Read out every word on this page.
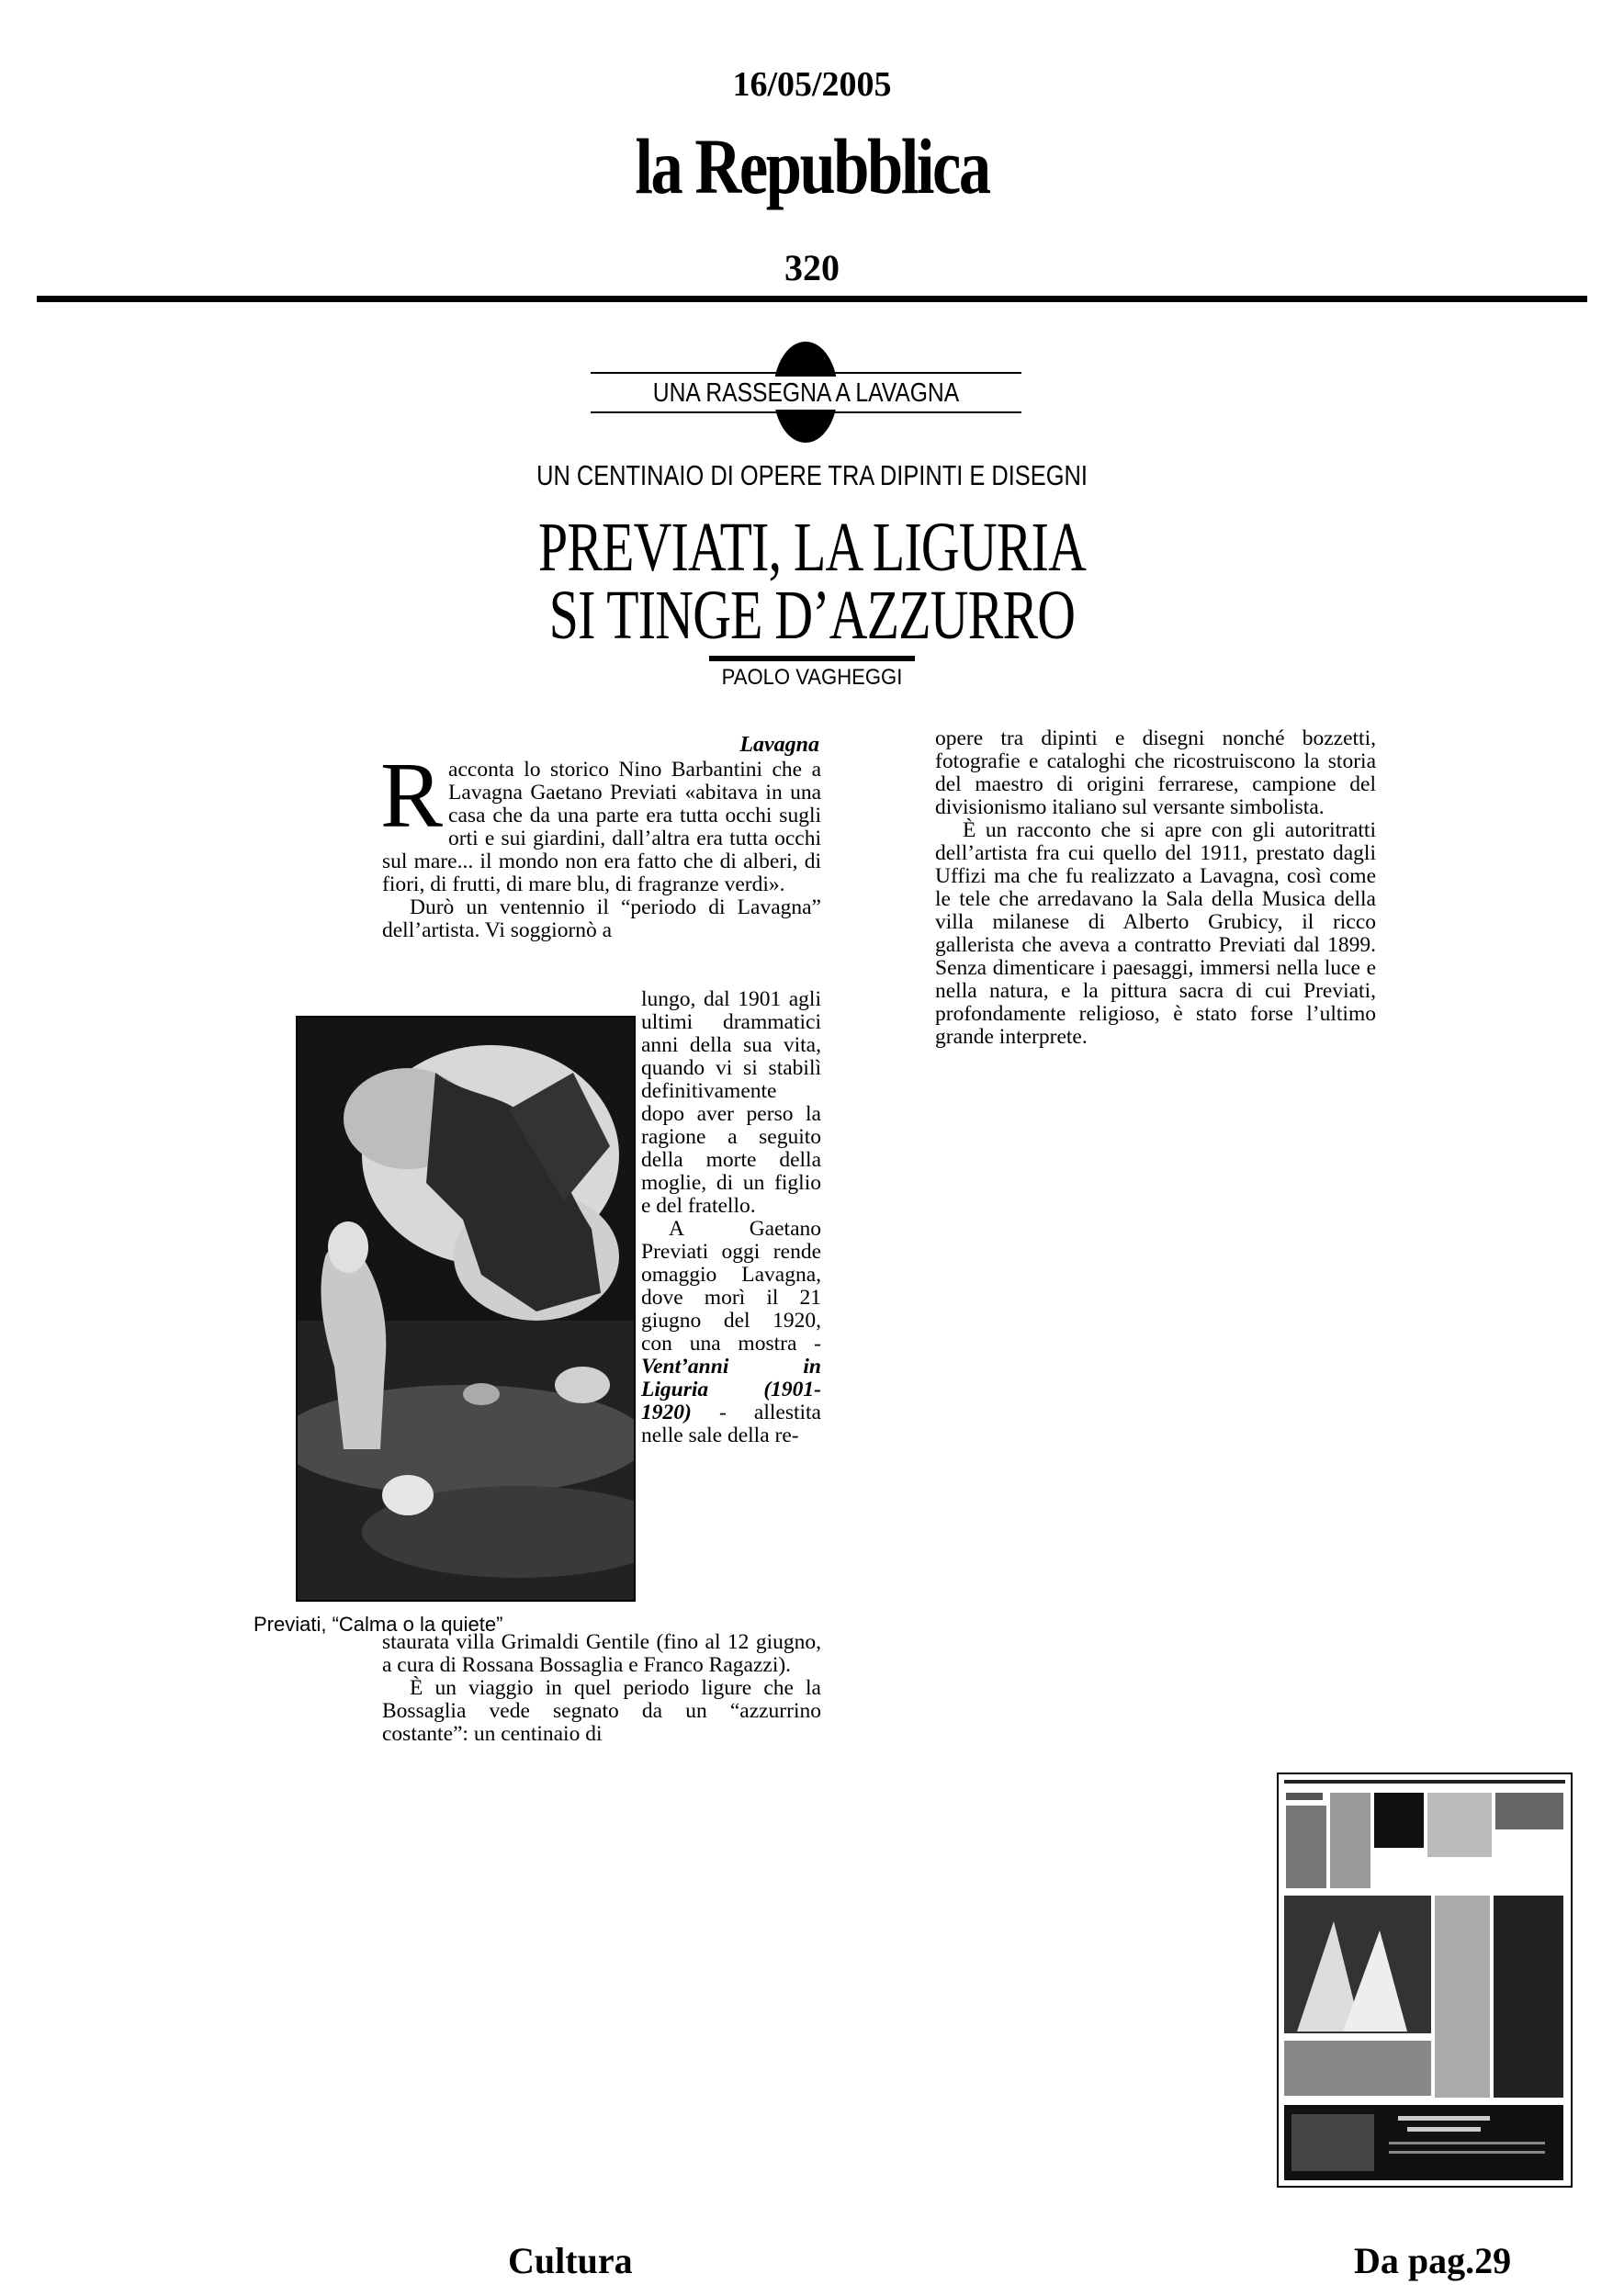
16/05/2005
la Repubblica
320
UNA RASSEGNA A LAVAGNA
UN CENTINAIO DI OPERE TRA DIPINTI E DISEGNI
PREVIATI, LA LIGURIA
SI TINGE D’AZZURRO
PAOLO VAGHEGGI
Lavagna

R acconta lo storico Nino Barbantini che a Lavagna Gaetano Previati «abitava in una casa che da una parte era tutta occhi sugli orti e sui giardini, dall’altra era tutta occhi sul mare... il mondo non era fatto che di alberi, di fiori, di frutti, di mare blu, di fragranze verdi».

Durò un ventennio il “periodo di Lavagna” dell’artista. Vi soggiornò a

lungo, dal 1901 agli ultimi drammatici anni della sua vita, quando vi si stabilì definitivamente dopo aver perso la ragione a seguito della morte della moglie, di un figlio e del fratello.

A Gaetano Previati oggi rende omaggio Lavagna, dove morì il 21 giugno del 1920, con una mostra - Vent’anni in Liguria (1901-1920) - allestita nelle sale della re-

staurata villa Grimaldi Gentile (fino al 12 giugno, a cura di Rossana Bossaglia e Franco Ragazzi).

È un viaggio in quel periodo ligure che la Bossaglia vede segnato da un “azzurrino costante”: un centinaio di

opere tra dipinti e disegni nonché bozzetti, fotografie e cataloghi che ricostruiscono la storia del maestro di origini ferrarese, campione del divisionismo italiano sul versante simbolista.

È un racconto che si apre con gli autoritratti dell’artista fra cui quello del 1911, prestato dagli Uffizi ma che fu realizzato a Lavagna, così come le tele che arredavano la Sala della Musica della villa milanese di Alberto Grubicy, il ricco gallerista che aveva a contratto Previati dal 1899. Senza dimenticare i paesaggi, immersi nella luce e nella natura, e la pittura sacra di cui Previati, profondamente religioso, è stato forse l’ultimo grande interprete.

Previati, “Calma o la quiete”
Cultura	Da pag.29
